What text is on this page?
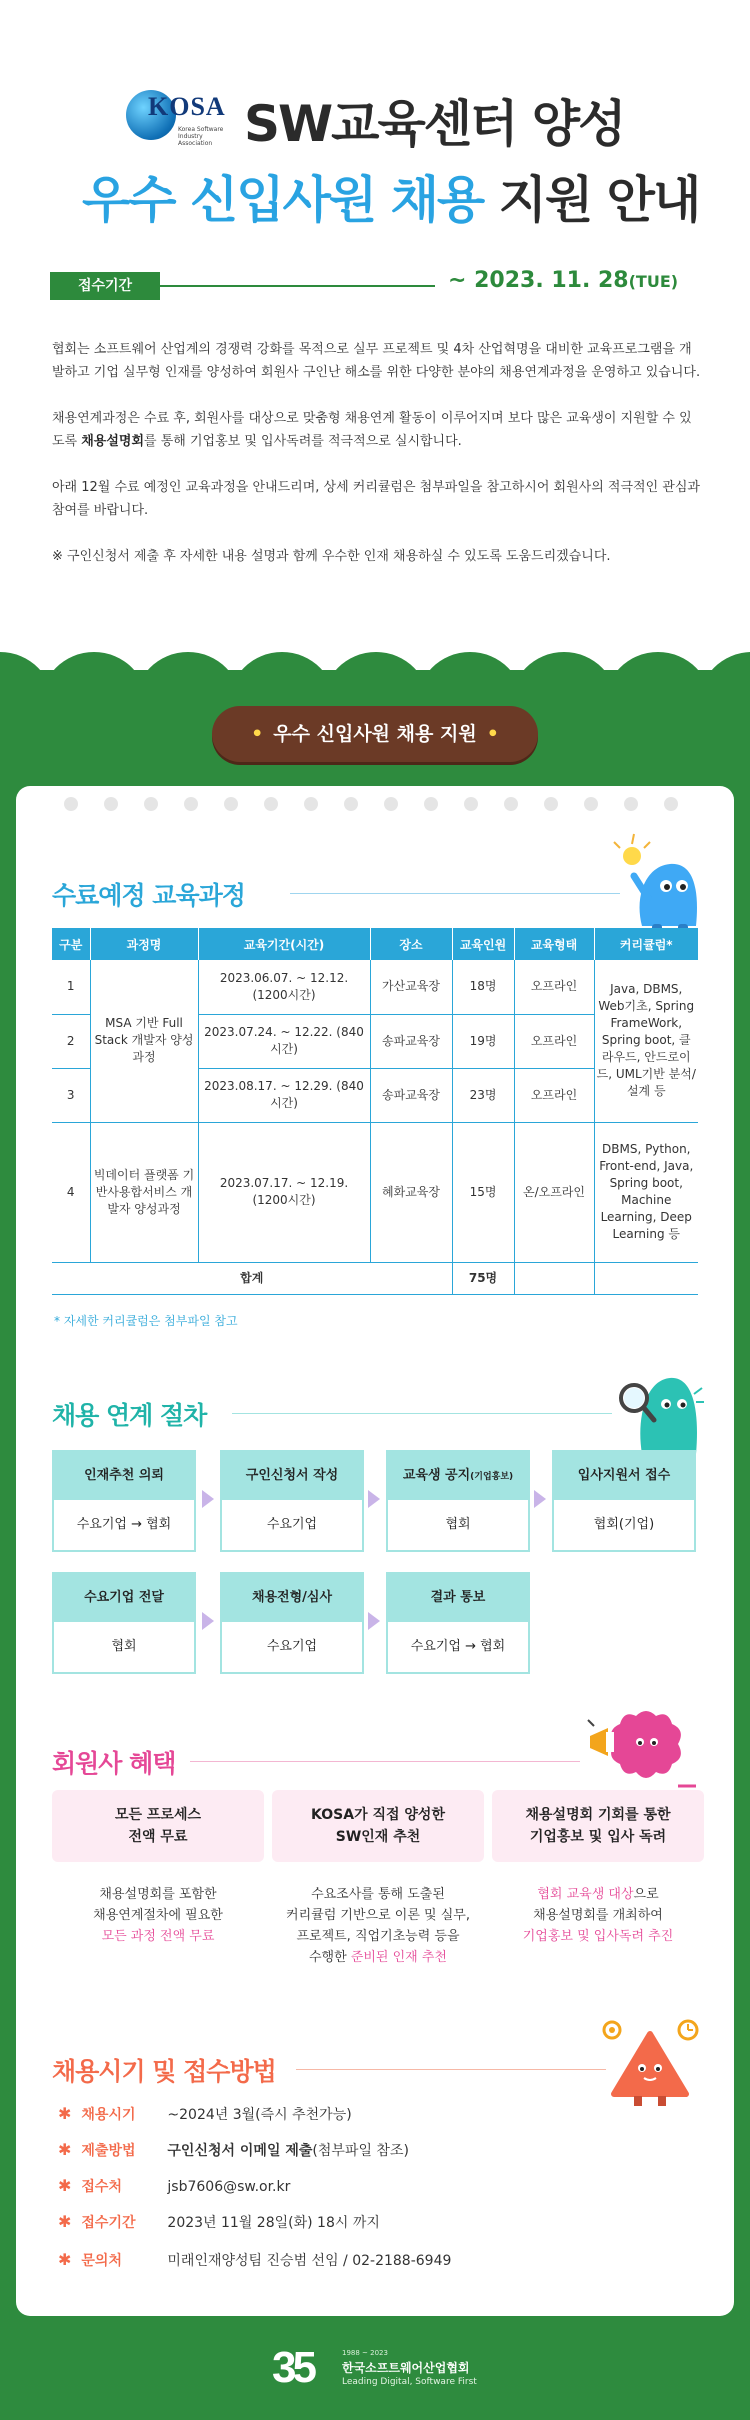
KOSA
Korea Software Industry Association SW교육센터 양성
우수 신입사원 채용 지원 안내
접수기간	~ 2023. 11. 28(TUE)

협회는 소프트웨어 산업계의 경쟁력 강화를 목적으로 실무 프로젝트 및 4차 산업혁명을 대비한 교육프로그램을 개발하고 기업 실무형 인재를 양성하여 회원사 구인난 해소를 위한 다양한 분야의 채용연계과정을 운영하고 있습니다.

채용연계과정은 수료 후, 회원사를 대상으로 맞춤형 채용연계 활동이 이루어지며 보다 많은 교육생이 지원할 수 있도록 채용설명회를 통해 기업홍보 및 입사독려를 적극적으로 실시합니다.

아래 12월 수료 예정인 교육과정을 안내드리며, 상세 커리큘럼은 첨부파일을 참고하시어 회원사의 적극적인 관심과 참여를 바랍니다.

※ 구인신청서 제출 후 자세한 내용 설명과 함께 우수한 인재 채용하실 수 있도록 도움드리겠습니다.

• 우수 신입사원 채용 지원 •
수료예정 교육과정
구분	과정명	교육기간(시간)	장소	교육인원	교육형태	커리큘럼*
1	MSA 기반 Full Stack 개발자 양성과정	2023.06.07. ~ 12.12. (1200시간)	가산교육장	18명	오프라인	Java, DBMS, Web기초, Spring FrameWork, Spring boot, 클라우드, 안드로이드, UML기반 분석/설계 등
2		2023.07.24. ~ 12.22. (840시간)	송파교육장	19명	오프라인	
3		2023.08.17. ~ 12.29. (840시간)	송파교육장	23명	오프라인	
4	빅데이터 플랫폼 기반사용합서비스 개발자 양성과정	2023.07.17. ~ 12.19. (1200시간)	혜화교육장	15명	온/오프라인	DBMS, Python, Front-end, Java, Spring boot, Machine Learning, Deep Learning 등
합계				75명		
* 자세한 커리큘럼은 첨부파일 참고
채용 연계 절차
인재추천 의뢰
수요기업 → 협회
구인신청서 작성
수요기업
교육생 공지(기업홍보)
협회
입사지원서 접수
협회(기업)
수요기업 전달
협회
채용전형/심사
수요기업
결과 통보
수요기업 → 협회
회원사 혜택
모든 프로세스
전액 무료
채용설명회를 포함한
채용연계절차에 필요한
모든 과정 전액 무료
KOSA가 직접 양성한
SW인재 추천
수요조사를 통해 도출된
커리큘럼 기반으로 이론 및 실무,
프로젝트, 직업기초능력 등을
수행한 준비된 인재 추천
채용설명회 기회를 통한
기업홍보 및 입사 독려
협회 교육생 대상으로
채용설명회를 개최하여
기업홍보 및 입사독려 추진
채용시기 및 접수방법
✱ 채용시기 ~2024년 3월(즉시 추천가능)
✱ 제출방법 구인신청서 이메일 제출(첨부파일 참조)
✱ 접수처	jsb7606@sw.or.kr
✱ 접수기간 2023년 11월 28일(화) 18시 까지
✱ 문의처	미래인재양성팀 진승범 선임 / 02-2188-6949
35	1988 ~ 2023
한국소프트웨어산업협회
Leading Digital, Software First
